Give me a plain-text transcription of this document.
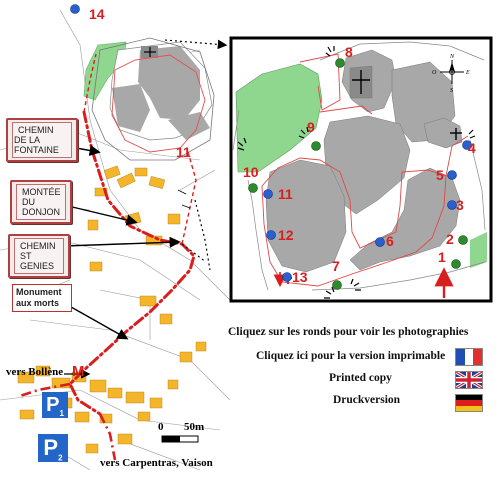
14
11
1
2
3
4
5
6
7
8
9
10
11
12
13
M
N
S
E
O
0 50m
vers Bollène
vers Carpentras, Vaison
CHEMIN
DE LA FONTAINE
MONTÉE
DU DONJON
CHEMIN
ST GENIES
Monument
aux morts
$P_1$
$P_2$
Cliquez sur les ronds pour voir les photographies
Cliquez ici pour la version imprimable
Printed copy
Druckversion
